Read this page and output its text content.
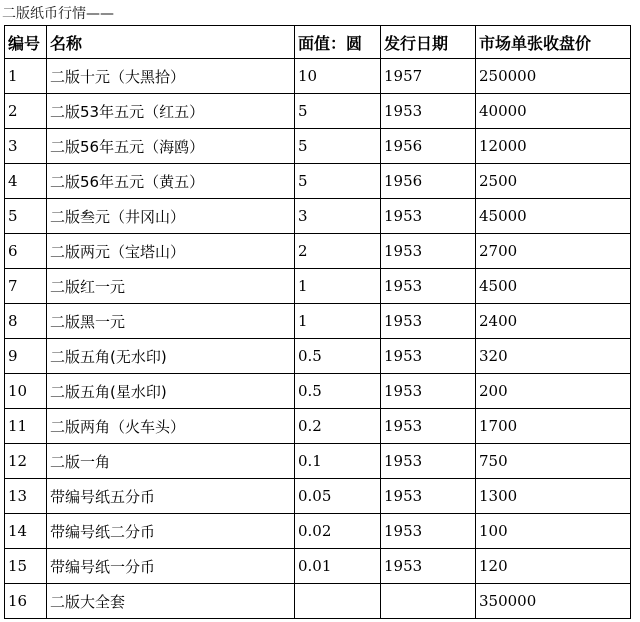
二版纸币行情——
编号	名称	面值：圆	发行日期	市场单张收盘价
1	二版十元（大黑拾）	10	1957	250000
2	二版53年五元（红五）	5	1953	40000
3	二版56年五元（海鸥）	5	1956	12000
4	二版56年五元（黄五）	5	1956	2500
5	二版叁元（井冈山）	3	1953	45000
6	二版两元（宝塔山）	2	1953	2700
7	二版红一元	1	1953	4500
8	二版黑一元	1	1953	2400
9	二版五角(无水印)	0.5	1953	320
10	二版五角(星水印)	0.5	1953	200
11	二版两角（火车头）	0.2	1953	1700
12	二版一角	0.1	1953	750
13	带编号纸五分币	0.05	1953	1300
14	带编号纸二分币	0.02	1953	100
15	带编号纸一分币	0.01	1953	120
16	二版大全套			350000
